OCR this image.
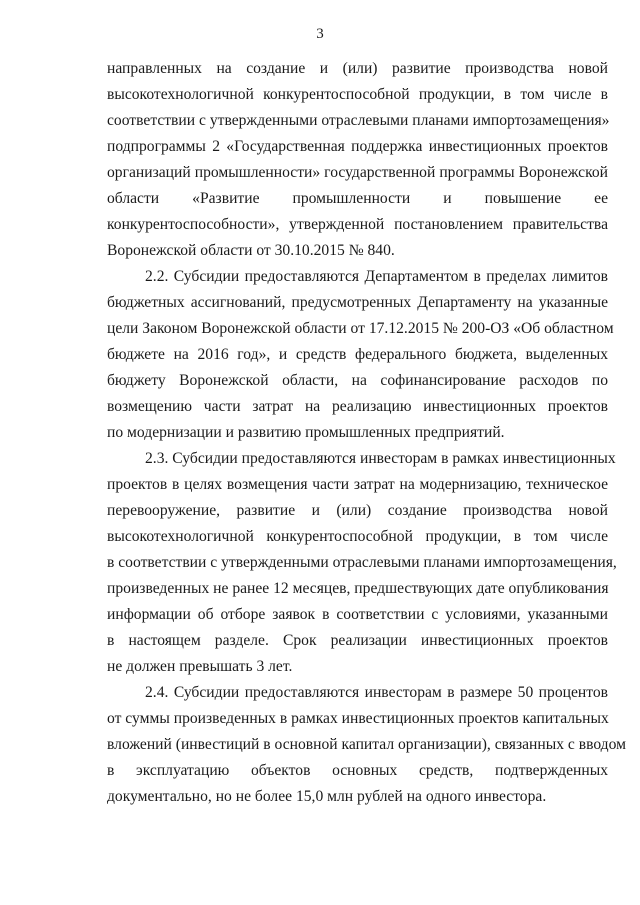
3
направленных на создание и (или) развитие производства новой
высокотехнологичной конкурентоспособной продукции, в том числе в
соответствии с утвержденными отраслевыми планами импортозамещения»
подпрограммы 2 «Государственная поддержка инвестиционных проектов
организаций промышленности» государственной программы Воронежской
области «Развитие промышленности и повышение ее
конкурентоспособности», утвержденной постановлением правительства
Воронежской области от 30.10.2015 № 840.
2.2. Субсидии предоставляются Департаментом в пределах лимитов
бюджетных ассигнований, предусмотренных Департаменту на указанные
цели Законом Воронежской области от 17.12.2015 № 200-ОЗ «Об областном
бюджете на 2016 год», и средств федерального бюджета, выделенных
бюджету Воронежской области, на софинансирование расходов по
возмещению части затрат на реализацию инвестиционных проектов
по модернизации и развитию промышленных предприятий.
2.3. Субсидии предоставляются инвесторам в рамках инвестиционных
проектов в целях возмещения части затрат на модернизацию, техническое
перевооружение, развитие и (или) создание производства новой
высокотехнологичной конкурентоспособной продукции, в том числе
в соответствии с утвержденными отраслевыми планами импортозамещения,
произведенных не ранее 12 месяцев, предшествующих дате опубликования
информации об отборе заявок в соответствии с условиями, указанными
в настоящем разделе. Срок реализации инвестиционных проектов
не должен превышать 3 лет.
2.4. Субсидии предоставляются инвесторам в размере 50 процентов
от суммы произведенных в рамках инвестиционных проектов капитальных
вложений (инвестиций в основной капитал организации), связанных с вводом
в эксплуатацию объектов основных средств, подтвержденных
документально, но не более 15,0 млн рублей на одного инвестора.
